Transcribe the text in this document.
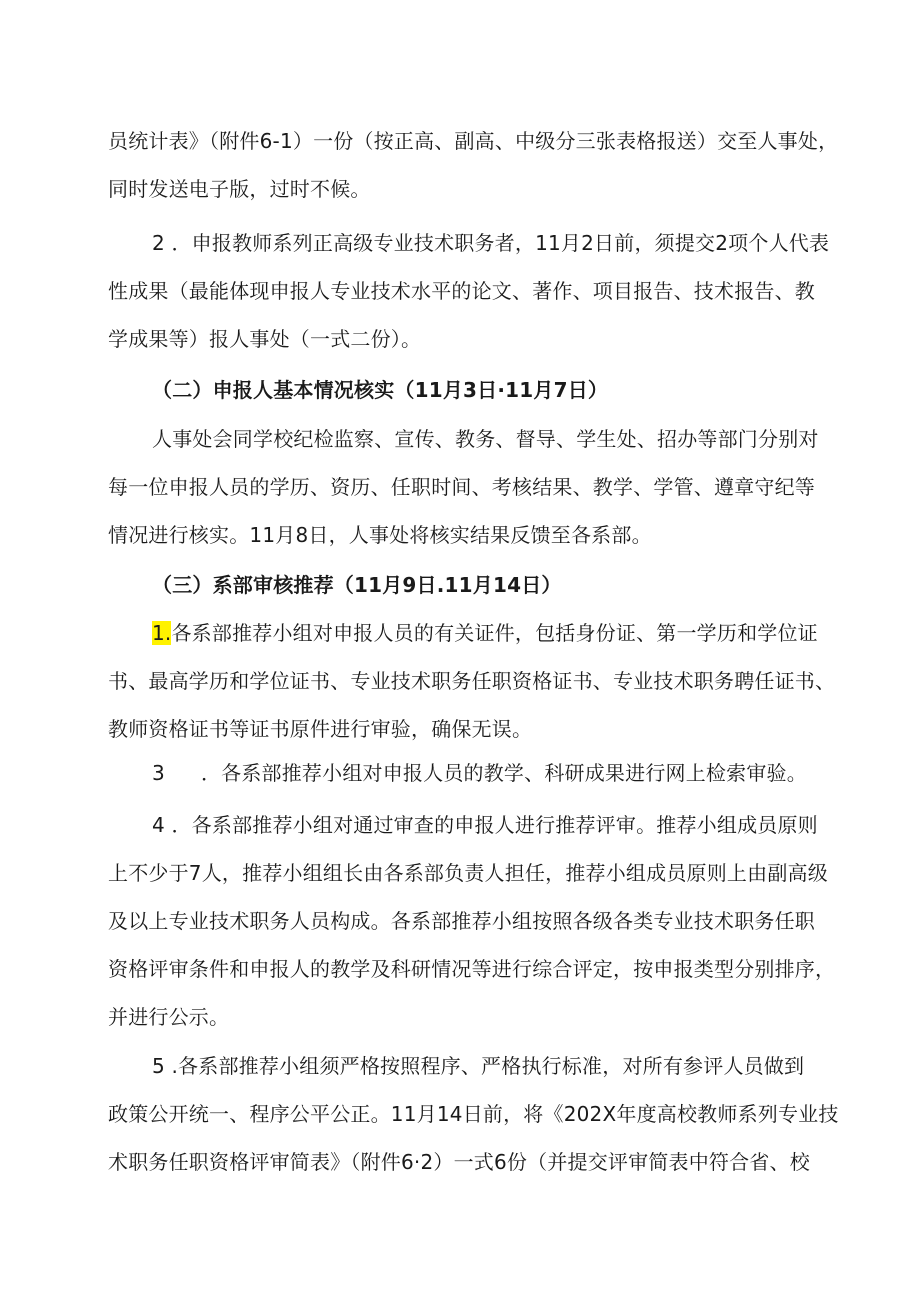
员统计表》（附件6-1）一份（按正高、副高、中级分三张表格报送）交至人事处，
同时发送电子版，过时不候。
2 ．申报教师系列正高级专业技术职务者，11月2日前，须提交2项个人代表
性成果（最能体现申报人专业技术水平的论文、著作、项目报告、技术报告、教
学成果等）报人事处（一式二份）。
（二）申报人基本情况核实（11月3日·11月7日）
人事处会同学校纪检监察、宣传、教务、督导、学生处、招办等部门分别对
每一位申报人员的学历、资历、任职时间、考核结果、教学、学管、遵章守纪等
情况进行核实。11月8日，人事处将核实结果反馈至各系部。
（三）系部审核推荐（11月9日.11月14日）
1.各系部推荐小组对申报人员的有关证件，包括身份证、第一学历和学位证
书、最高学历和学位证书、专业技术职务任职资格证书、专业技术职务聘任证书、
教师资格证书等证书原件进行审验，确保无误。
3 ．各系部推荐小组对申报人员的教学、科研成果进行网上检索审验。
4 ．各系部推荐小组对通过审查的申报人进行推荐评审。推荐小组成员原则
上不少于7人，推荐小组组长由各系部负责人担任，推荐小组成员原则上由副高级
及以上专业技术职务人员构成。各系部推荐小组按照各级各类专业技术职务任职
资格评审条件和申报人的教学及科研情况等进行综合评定，按申报类型分别排序，
并进行公示。
5 .各系部推荐小组须严格按照程序、严格执行标准，对所有参评人员做到
政策公开统一、程序公平公正。11月14日前，将《202X年度高校教师系列专业技
术职务任职资格评审简表》（附件6·2）一式6份（并提交评审简表中符合省、校
